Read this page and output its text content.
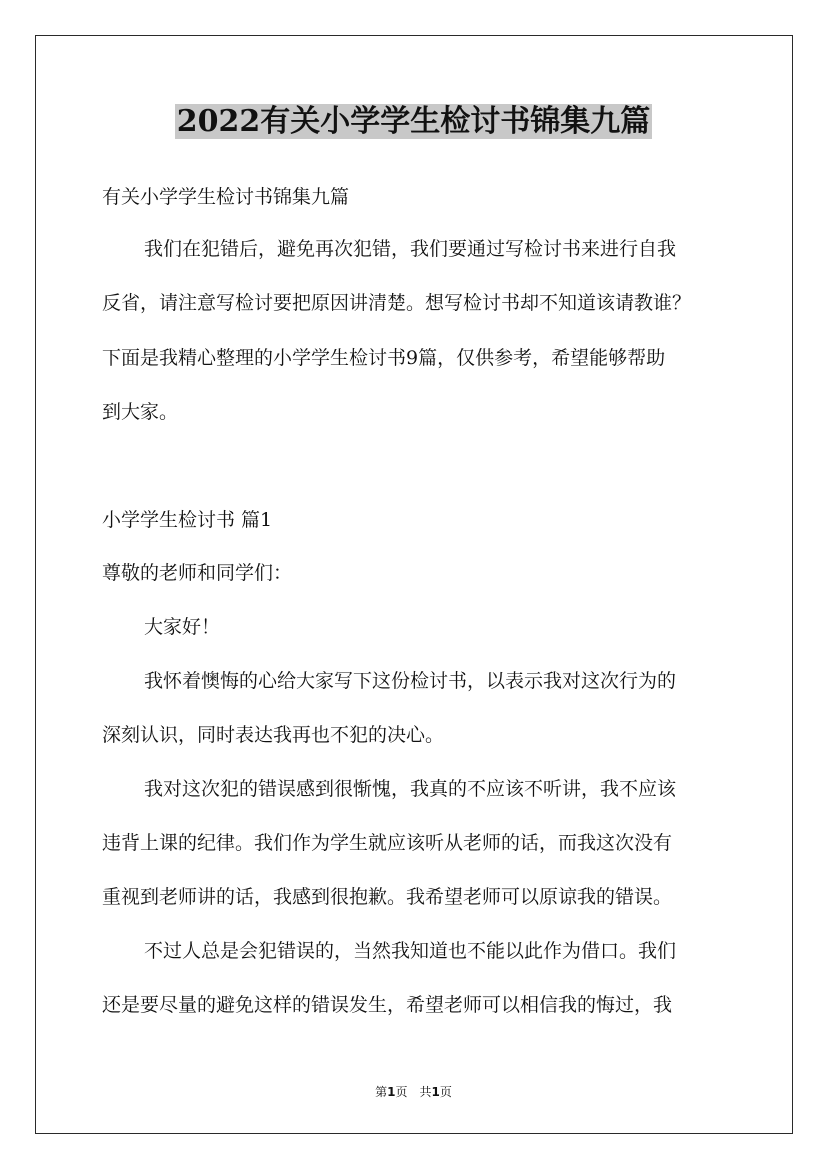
2022有关小学学生检讨书锦集九篇
有关小学学生检讨书锦集九篇
我们在犯错后，避免再次犯错，我们要通过写检讨书来进行自我
反省，请注意写检讨要把原因讲清楚。想写检讨书却不知道该请教谁？
下面是我精心整理的小学学生检讨书9篇，仅供参考，希望能够帮助
到大家。
小学学生检讨书 篇1
尊敬的老师和同学们：
大家好！
我怀着懊悔的心给大家写下这份检讨书，以表示我对这次行为的
深刻认识，同时表达我再也不犯的决心。
我对这次犯的错误感到很惭愧，我真的不应该不听讲，我不应该
违背上课的纪律。我们作为学生就应该听从老师的话，而我这次没有
重视到老师讲的话，我感到很抱歉。我希望老师可以原谅我的错误。
不过人总是会犯错误的，当然我知道也不能以此作为借口。我们
还是要尽量的避免这样的错误发生，希望老师可以相信我的悔过，我
第1页 共1页
